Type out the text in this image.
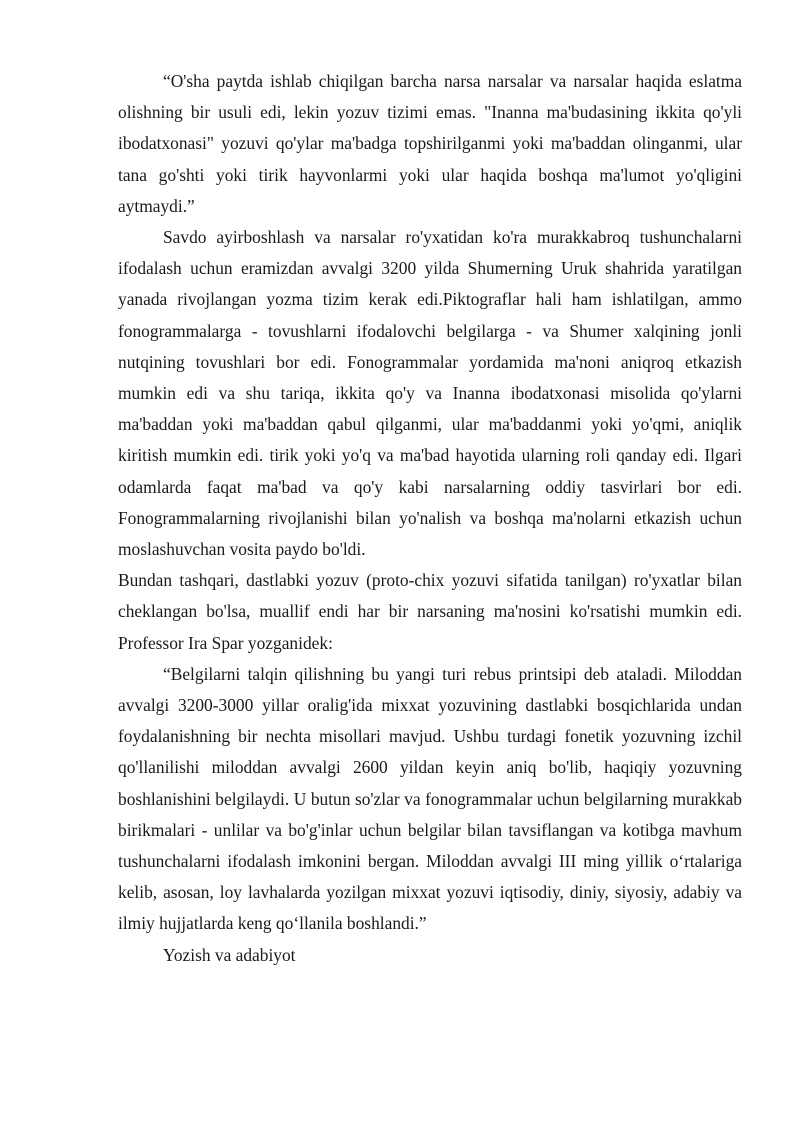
“O'sha paytda ishlab chiqilgan barcha narsa narsalar va narsalar haqida eslatma olishning bir usuli edi, lekin yozuv tizimi emas. "Inanna ma'budasining ikkita qo'yli ibodatxonasi" yozuvi qo'ylar ma'badga topshirilganmi yoki ma'baddan olinganmi, ular tana go'shti yoki tirik hayvonlarmi yoki ular haqida boshqa ma'lumot yo'qligini aytmaydi.”

Savdo ayirboshlash va narsalar ro'yxatidan ko'ra murakkabroq tushunchalarni ifodalash uchun eramizdan avvalgi 3200 yilda Shumerning Uruk shahrida yaratilgan yanada rivojlangan yozma tizim kerak edi.Piktograflar hali ham ishlatilgan, ammo fonogrammalarga - tovushlarni ifodalovchi belgilarga - va Shumer xalqining jonli nutqining tovushlari bor edi. Fonogrammalar yordamida ma'noni aniqroq etkazish mumkin edi va shu tariqa, ikkita qo'y va Inanna ibodatxonasi misolida qo'ylarni ma'baddan yoki ma'baddan qabul qilganmi, ular ma'baddanmi yoki yo'qmi, aniqlik kiritish mumkin edi. tirik yoki yo'q va ma'bad hayotida ularning roli qanday edi. Ilgari odamlarda faqat ma'bad va qo'y kabi narsalarning oddiy tasvirlari bor edi. Fonogrammalarning rivojlanishi bilan yo'nalish va boshqa ma'nolarni etkazish uchun moslashuvchan vosita paydo bo'ldi.

Bundan tashqari, dastlabki yozuv (proto-chix yozuvi sifatida tanilgan) ro'yxatlar bilan cheklangan bo'lsa, muallif endi har bir narsaning ma'nosini ko'rsatishi mumkin edi. Professor Ira Spar yozganidek:

“Belgilarni talqin qilishning bu yangi turi rebus printsipi deb ataladi. Miloddan avvalgi 3200-3000 yillar oralig'ida mixxat yozuvining dastlabki bosqichlarida undan foydalanishning bir nechta misollari mavjud. Ushbu turdagi fonetik yozuvning izchil qo'llanilishi miloddan avvalgi 2600 yildan keyin aniq bo'lib, haqiqiy yozuvning boshlanishini belgilaydi. U butun so'zlar va fonogrammalar uchun belgilarning murakkab birikmalari - unlilar va bo'g'inlar uchun belgilar bilan tavsiflangan va kotibga mavhum tushunchalarni ifodalash imkonini bergan. Miloddan avvalgi III ming yillik o‘rtalariga kelib, asosan, loy lavhalarda yozilgan mixxat yozuvi iqtisodiy, diniy, siyosiy, adabiy va ilmiy hujjatlarda keng qo‘llanila boshlandi.”

Yozish va adabiyot
